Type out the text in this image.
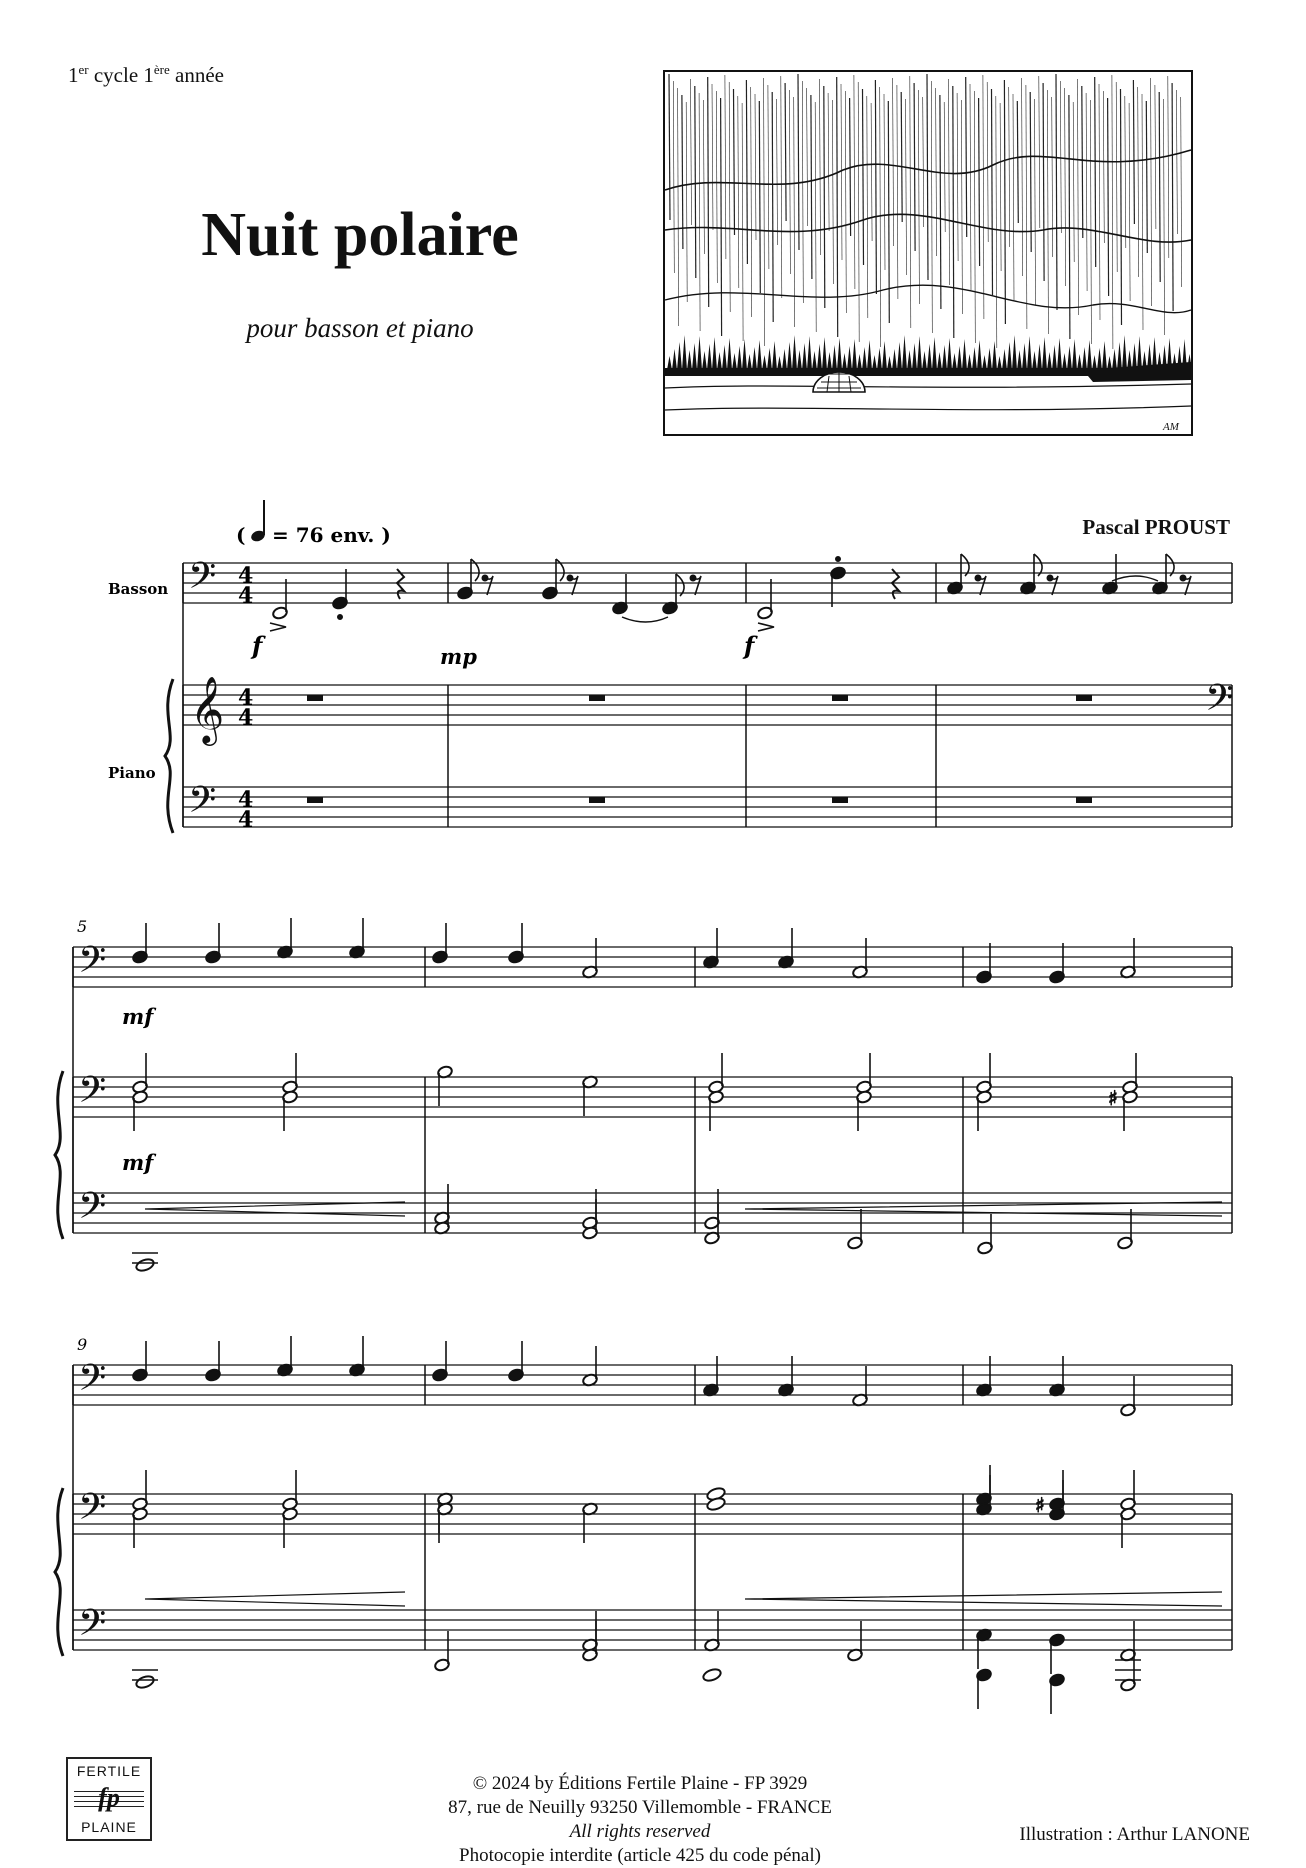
1er cycle 1ère année
Nuit polaire
pour basson et piano
AM
Pascal PROUST
♯
♯
( = 76 env. )
Basson
Piano
4
4
4
4
4
4
5
9
f	mp	f
mf
mf
𝄢
𝄞
𝄢
𝄢
𝄢
𝄢
𝄢
𝄢
𝄢
𝄢
FERTILE
fp
PLAINE
© 2024 by Éditions Fertile Plaine - FP 3929
87, rue de Neuilly 93250 Villemomble - FRANCE
All rights reserved
Photocopie interdite (article 425 du code pénal)
Illustration : Arthur LANONE
